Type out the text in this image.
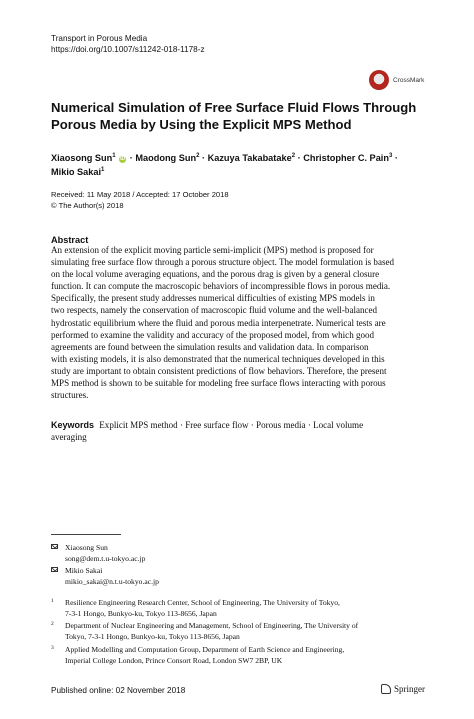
Transport in Porous Media
https://doi.org/10.1007/s11242-018-1178-z
CrossMark
Numerical Simulation of Free Surface Fluid Flows Through
Porous Media by Using the Explicit MPS Method
Xiaosong Sun$^1$ iD · Maodong Sun$^2$ · Kazuya Takabatake$^2$ · Christopher C. Pain$^3$ ·
Mikio Sakai$^1$
Received: 11 May 2018 / Accepted: 17 October 2018
© The Author(s) 2018
Abstract
An extension of the explicit moving particle semi-implicit (MPS) method is proposed for
simulating free surface flow through a porous structure object. The model formulation is based
on the local volume averaging equations, and the porous drag is given by a general closure
function. It can compute the macroscopic behaviors of incompressible flows in porous media.
Specifically, the present study addresses numerical difficulties of existing MPS models in
two respects, namely the conservation of macroscopic fluid volume and the well-balanced
hydrostatic equilibrium where the fluid and porous media interpenetrate. Numerical tests are
performed to examine the validity and accuracy of the proposed model, from which good
agreements are found between the simulation results and validation data. In comparison
with existing models, it is also demonstrated that the numerical techniques developed in this
study are important to obtain consistent predictions of flow behaviors. Therefore, the present
MPS method is shown to be suitable for modeling free surface flows interacting with porous
structures.
Keywords Explicit MPS method · Free surface flow · Porous media · Local volume
averaging
Xiaosong Sun
song@dem.t.u-tokyo.ac.jp
Mikio Sakai
mikio_sakai@n.t.u-tokyo.ac.jp
1 Resilience Engineering Research Center, School of Engineering, The University of Tokyo,
7-3-1 Hongo, Bunkyo-ku, Tokyo 113-8656, Japan
2 Department of Nuclear Engineering and Management, School of Engineering, The University of
Tokyo, 7-3-1 Hongo, Bunkyo-ku, Tokyo 113-8656, Japan
3 Applied Modelling and Computation Group, Department of Earth Science and Engineering,
Imperial College London, Prince Consort Road, London SW7 2BP, UK
Published online: 02 November 2018	Springer
